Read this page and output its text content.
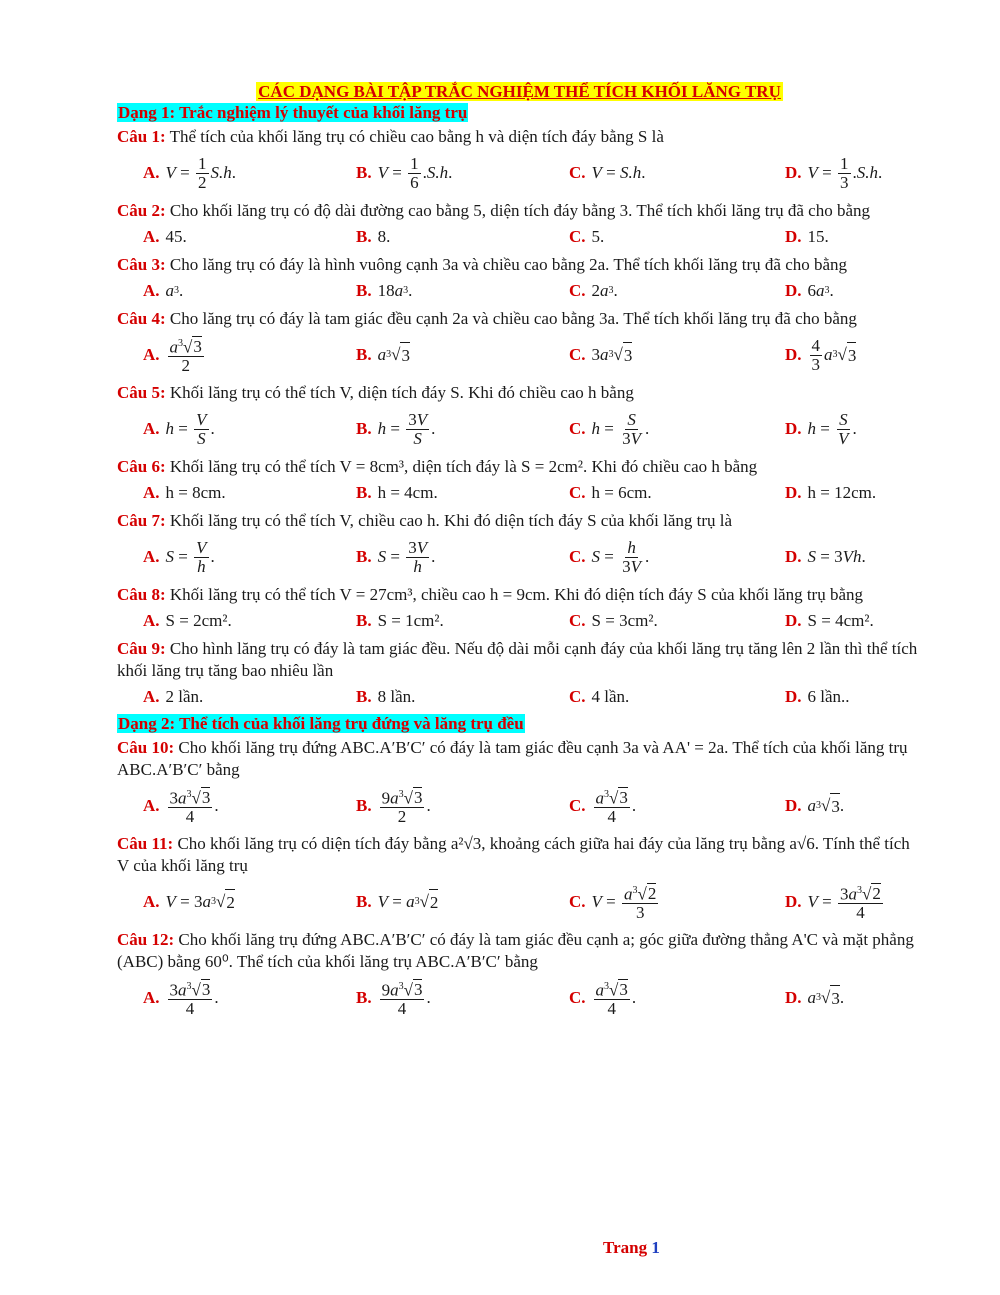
CÁC DẠNG BÀI TẬP TRẮC NGHIỆM THỂ TÍCH KHỐI LĂNG TRỤ
Dạng 1: Trắc nghiệm lý thuyết của khối lăng trụ
Câu 1: Thể tích của khối lăng trụ có chiều cao bằng h và diện tích đáy bằng S là
A. $V = \frac{1}{2} S.h$ .	B. $V = \frac{1}{6}$ . S.h .	C. V = S.h .	D. $V = \frac{1}{3}$ . S.h .
Câu 2: Cho khối lăng trụ có độ dài đường cao bằng 5, diện tích đáy bằng 3. Thể tích khối lăng trụ đã cho bằng
A. 45.	B. 8.	C. 5.	D. 15.
Câu 3: Cho lăng trụ có đáy là hình vuông cạnh 3a và chiều cao bằng 2a. Thể tích khối lăng trụ đã cho bằng
A. a 3 .	B. 18 a 3 .	C. 2 a 3 .	D. 6 a 3 .
Câu 4: Cho lăng trụ có đáy là tam giác đều cạnh 2a và chiều cao bằng 3a. Thể tích khối lăng trụ đã cho bằng
A. $\frac{a^3√3}{2}$	B. a 3 √ 3	C. 3 a 3 √ 3	D. $\frac{4}{3}$ a 3 √ 3
Câu 5: Khối lăng trụ có thể tích V, diện tích đáy S. Khi đó chiều cao h bằng
A. $h = \frac{V}{S}$ .	B. $h = \frac{3V}{S}$ .	C. $h = \frac{S}{3V}$ .	D. $h = \frac{S}{V}$ .
Câu 6: Khối lăng trụ có thể tích V = 8cm³, diện tích đáy là S = 2cm². Khi đó chiều cao h bằng
A. h = 8cm.	B. h = 4cm.	C. h = 6cm.	D. h = 12cm.
Câu 7: Khối lăng trụ có thể tích V, chiều cao h. Khi đó diện tích đáy S của khối lăng trụ là
A. $S = \frac{V}{h}$ .	B. $S = \frac{3V}{h}$ .	C. $S = \frac{h}{3V}$ .	D. S = 3 Vh .
Câu 8: Khối lăng trụ có thể tích V = 27cm³, chiều cao h = 9cm. Khi đó diện tích đáy S của khối lăng trụ bằng
A. S = 2cm².	B. S = 1cm².	C. S = 3cm².	D. S = 4cm².
Câu 9: Cho hình lăng trụ có đáy là tam giác đều. Nếu độ dài mỗi cạnh đáy của khối lăng trụ tăng lên 2 lần thì thể tích khối lăng trụ tăng bao nhiêu lần
A. 2 lần.	B. 8 lần.	C. 4 lần.	D. 6 lần..
Dạng 2: Thể tích của khối lăng trụ đứng và lăng trụ đều
Câu 10: Cho khối lăng trụ đứng ABC.A′B′C′ có đáy là tam giác đều cạnh 3a và AA' = 2a. Thể tích của khối lăng trụ ABC.A′B′C′ bằng
A. $\frac{3a^3√3}{4}$ .	B. $\frac{9a^3√3}{2}$ .	C. $\frac{a^3√3}{4}$ .	D. a 3 √ 3 .
Câu 11: Cho khối lăng trụ có diện tích đáy bằng a²√3, khoảng cách giữa hai đáy của lăng trụ bằng a√6. Tính thể tích V của khối lăng trụ
A. V = 3 a 3 √ 2	B. V = a 3 √ 2	C. $V = \frac{a^3√2}{3}$	D. $V = \frac{3a^3√2}{4}$
Câu 12: Cho khối lăng trụ đứng ABC.A′B′C′ có đáy là tam giác đều cạnh a; góc giữa đường thẳng A'C và mặt phẳng (ABC) bằng 60⁰. Thể tích của khối lăng trụ ABC.A′B′C′ bằng
A. $\frac{3a^3√3}{4}$ .	B. $\frac{9a^3√3}{4}$ .	C. $\frac{a^3√3}{4}$ .	D. a 3 √ 3 .
Trang 1
